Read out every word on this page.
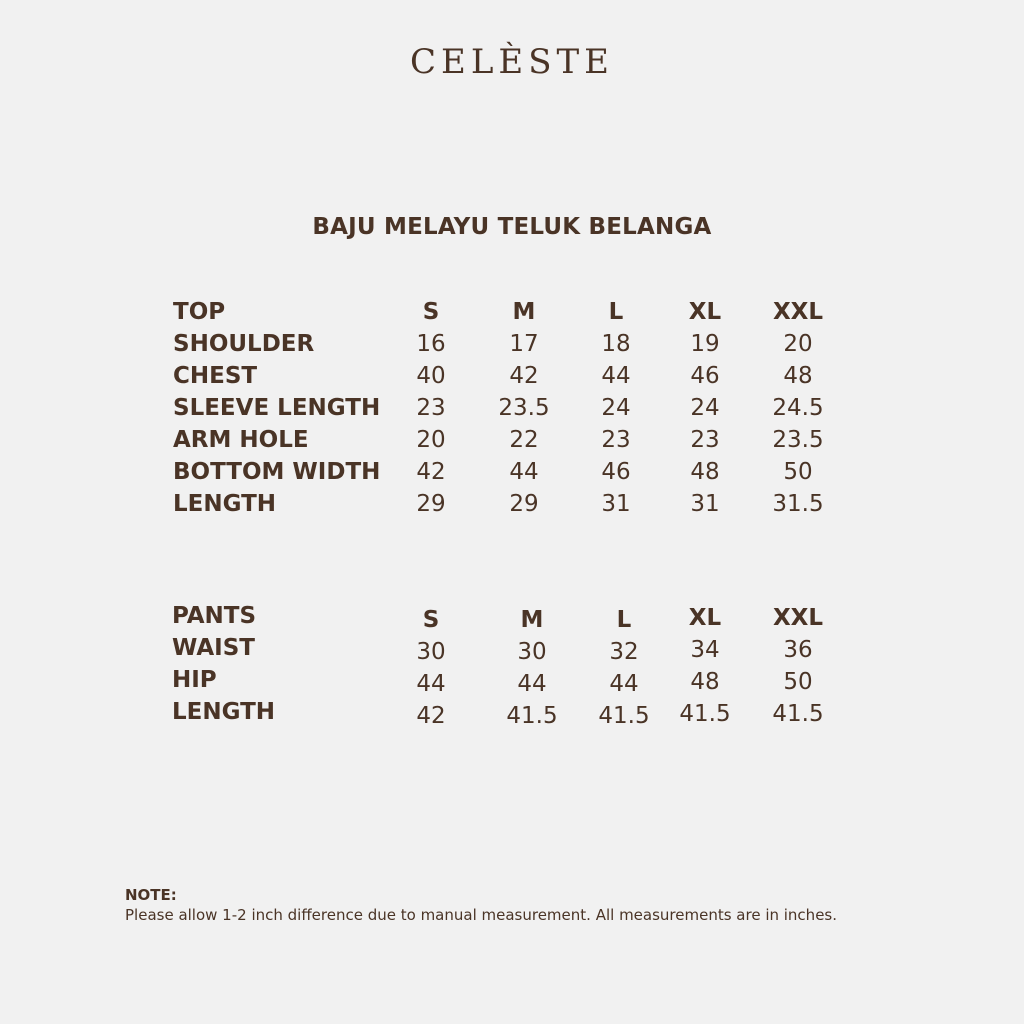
CELÈSTE
BAJU MELAYU TELUK BELANGA
TOP	S	M	L	XL	XXL
SHOULDER	16	17	18	19	20
CHEST	40	42	44	46	48
SLEEVE LENGTH	23	23.5	24	24	24.5
ARM HOLE	20	22	23	23	23.5
BOTTOM WIDTH	42	44	46	48	50
LENGTH	29	29	31	31	31.5
PANTS	S	M	L	XL	XXL
WAIST	30	30	32	34	36
HIP	44	44	44	48	50
LENGTH	42	41.5	41.5	41.5	41.5
NOTE:
Please allow 1-2 inch difference due to manual measurement. All measurements are in inches.
